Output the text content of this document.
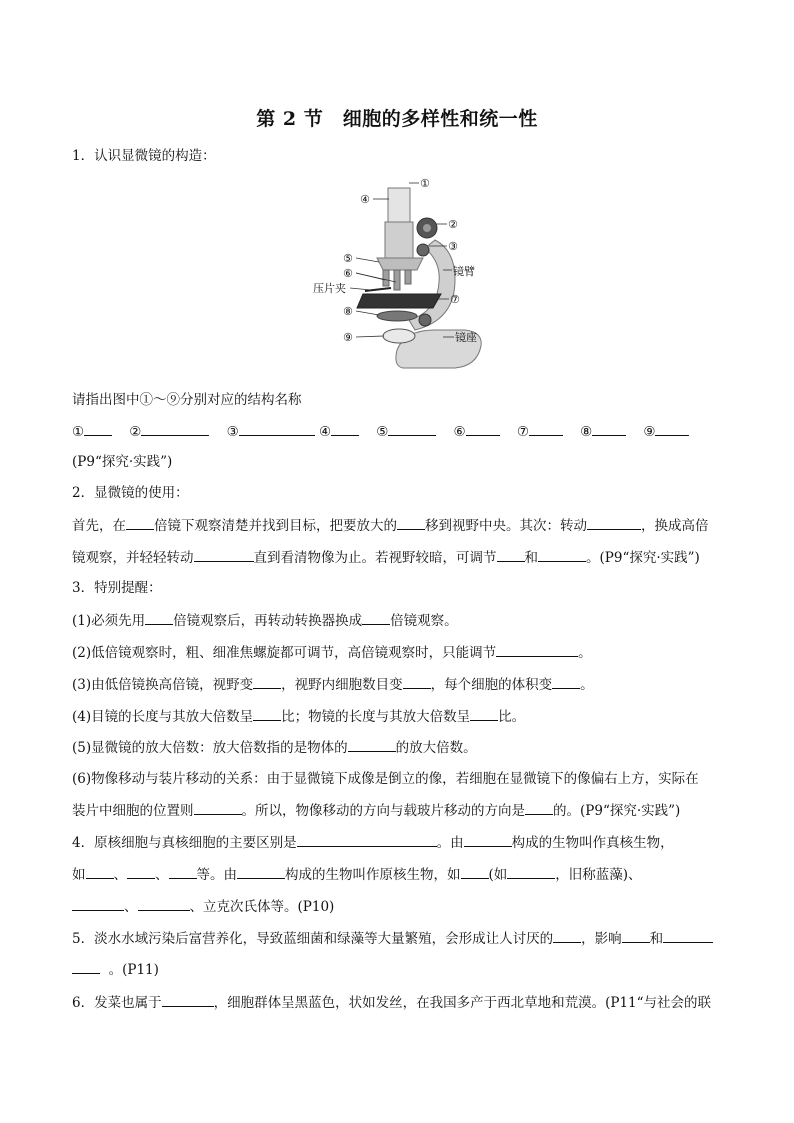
第 2 节　细胞的多样性和统一性
1．认识显微镜的构造：
①
④
②
③
⑤
⑥	镜臂
压片夹
⑦
⑧
⑨	镜座
请指出图中①～⑨分别对应的结构名称
①	②	③	④	⑤	⑥	⑦	⑧	⑨
(P9“探究·实践”)
2．显微镜的使用：
首先，在 倍镜下观察清楚并找到目标，把要放大的 移到视野中央。其次：转动	，换成高倍
镜观察，并轻轻转动	直到看清物像为止。若视野较暗，可调节 和	。(P9“探究·实践”)
3．特别提醒：
(1)必须先用 倍镜观察后，再转动转换器换成 倍镜观察。
(2)低倍镜观察时，粗、细准焦螺旋都可调节，高倍镜观察时，只能调节	。
(3)由低倍镜换高倍镜，视野变 ，视野内细胞数目变 ，每个细胞的体积变 。
(4)目镜的长度与其放大倍数呈 比；物镜的长度与其放大倍数呈 比。
(5)显微镜的放大倍数：放大倍数指的是物体的	的放大倍数。
(6)物像移动与装片移动的关系：由于显微镜下成像是倒立的像，若细胞在显微镜下的像偏右上方，实际在
装片中细胞的位置则	。所以，物像移动的方向与载玻片移动的方向是 的。(P9“探究·实践”)
4．原核细胞与真核细胞的主要区别是	。由	构成的生物叫作真核生物，
如 、 、 等。由	构成的生物叫作原核生物，如 (如	，旧称蓝藻)、
、	、立克次氏体等。(P10)
5．淡水水域污染后富营养化，导致蓝细菌和绿藻等大量繁殖，会形成让人讨厌的 ，影响 和
。(P11)
6．发菜也属于	，细胞群体呈黑蓝色，状如发丝，在我国多产于西北草地和荒漠。(P11“与社会的联
